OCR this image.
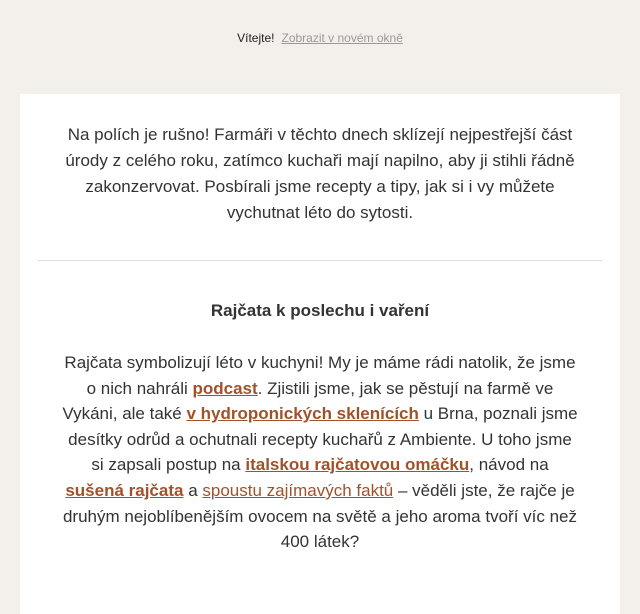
Vítejte! Zobrazit v novém okně

Na polích je rušno! Farmáři v těchto dnech sklízejí nejpestřejší část úrody z celého roku, zatímco kuchaři mají napilno, aby ji stihli řádně zakonzervovat. Posbírali jsme recepty a tipy, jak si i vy můžete vychutnat léto do sytosti.

Rajčata k poslechu i vaření

Rajčata symbolizují léto v kuchyni! My je máme rádi natolik, že jsme o nich nahráli podcast. Zjistili jsme, jak se pěstují na farmě ve Vykáni, ale také v hydroponických sklenících u Brna, poznali jsme desítky odrůd a ochutnali recepty kuchařů z Ambiente. U toho jsme si zapsali postup na italskou rajčatovou omáčku, návod na sušená rajčata a spoustu zajímavých faktů – věděli jste, že rajče je druhým nejoblíbenějším ovocem na světě a jeho aroma tvoří víc než 400 látek?
